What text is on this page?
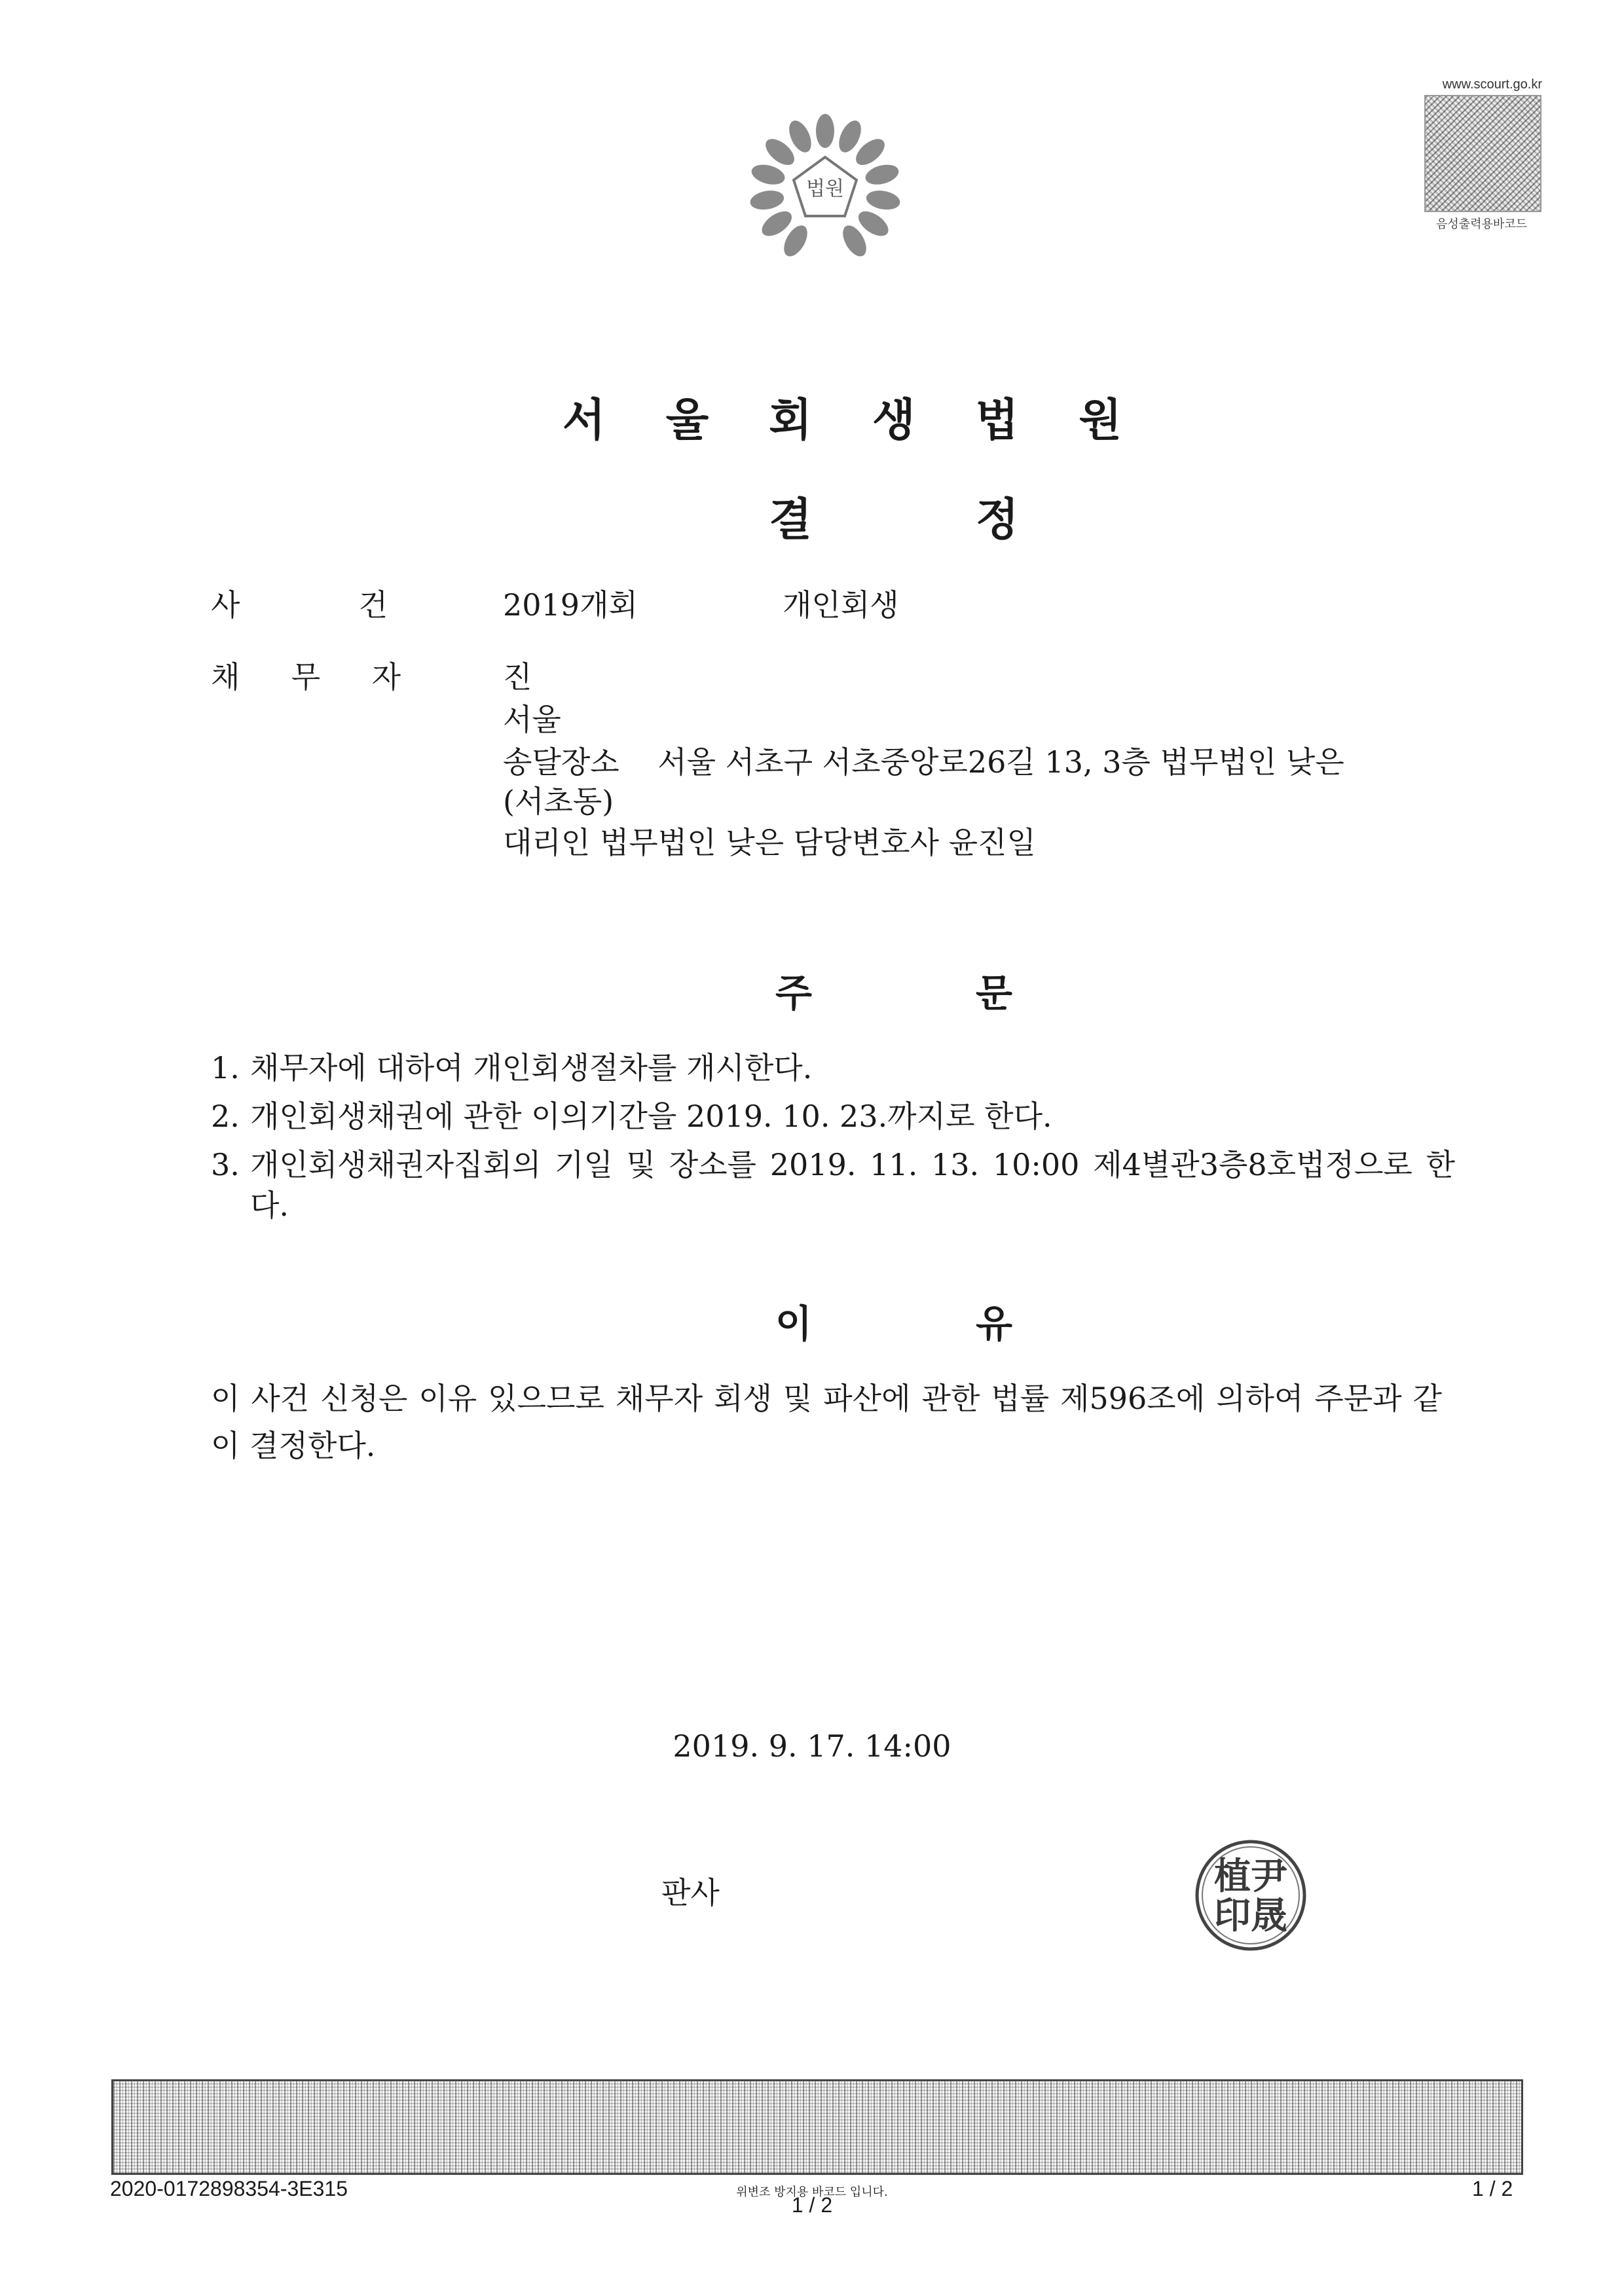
법원
www.scourt.go.kr
음성출력용바코드
서울회생법원
결정
사	건	2019개회	개인회생
채 무 자	진
서울
송달장소    서울 서초구 서초중앙로26길 13, 3층 법무법인 낮은
(서초동)
대리인 법무법인 낮은 담당변호사 윤진일
주문
1. 채무자에 대하여 개인회생절차를 개시한다.
2. 개인회생채권에 관한 이의기간을 2019. 10. 23.까지로 한다.
3. 개인회생채권자집회의 기일 및 장소를 2019. 11. 13. 10:00 제4별관3층8호법정으로 한다.
이유
이 사건 신청은 이유 있으므로 채무자 회생 및 파산에 관한 법률 제596조에 의하여 주문과 같이 결정한다.
2019. 9. 17. 14:00
판사	植尹
印晟
2020-0172898354-3E315	위변조 방지용 바코드 입니다.
1 / 2
1 / 2
